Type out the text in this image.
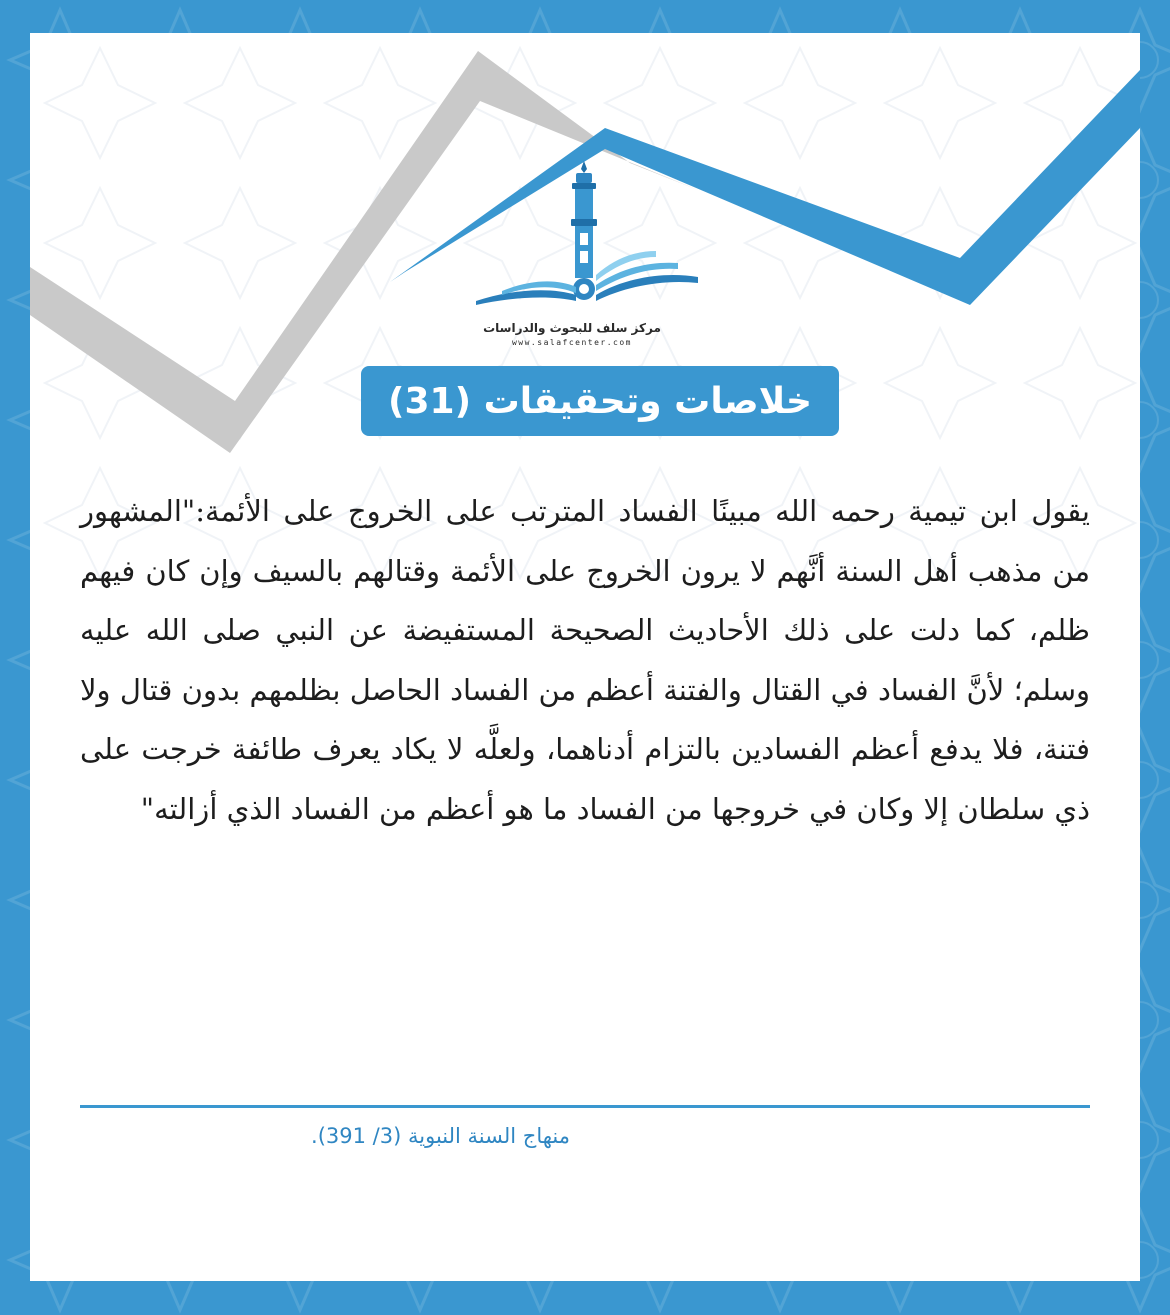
مركز سلف للبحوث والدراسات
www.salafcenter.com
خلاصات وتحقيقات (31)
يقول ابن تيمية رحمه الله مبينًا الفساد المترتب على الخروج على الأئمة:"المشهور من مذهب أهل السنة أنَّهم لا يرون الخروج على الأئمة وقتالهم بالسيف وإن كان فيهم ظلم، كما دلت على ذلك الأحاديث الصحيحة المستفيضة عن النبي صلى الله عليه وسلم؛ لأنَّ الفساد في القتال والفتنة أعظم من الفساد الحاصل بظلمهم بدون قتال ولا فتنة، فلا يدفع أعظم الفسادين بالتزام أدناهما، ولعلَّه لا يكاد يعرف طائفة خرجت على ذي سلطان إلا وكان في خروجها من الفساد ما هو أعظم من الفساد الذي أزالته"
منهاج السنة النبوية (3/ 391).
